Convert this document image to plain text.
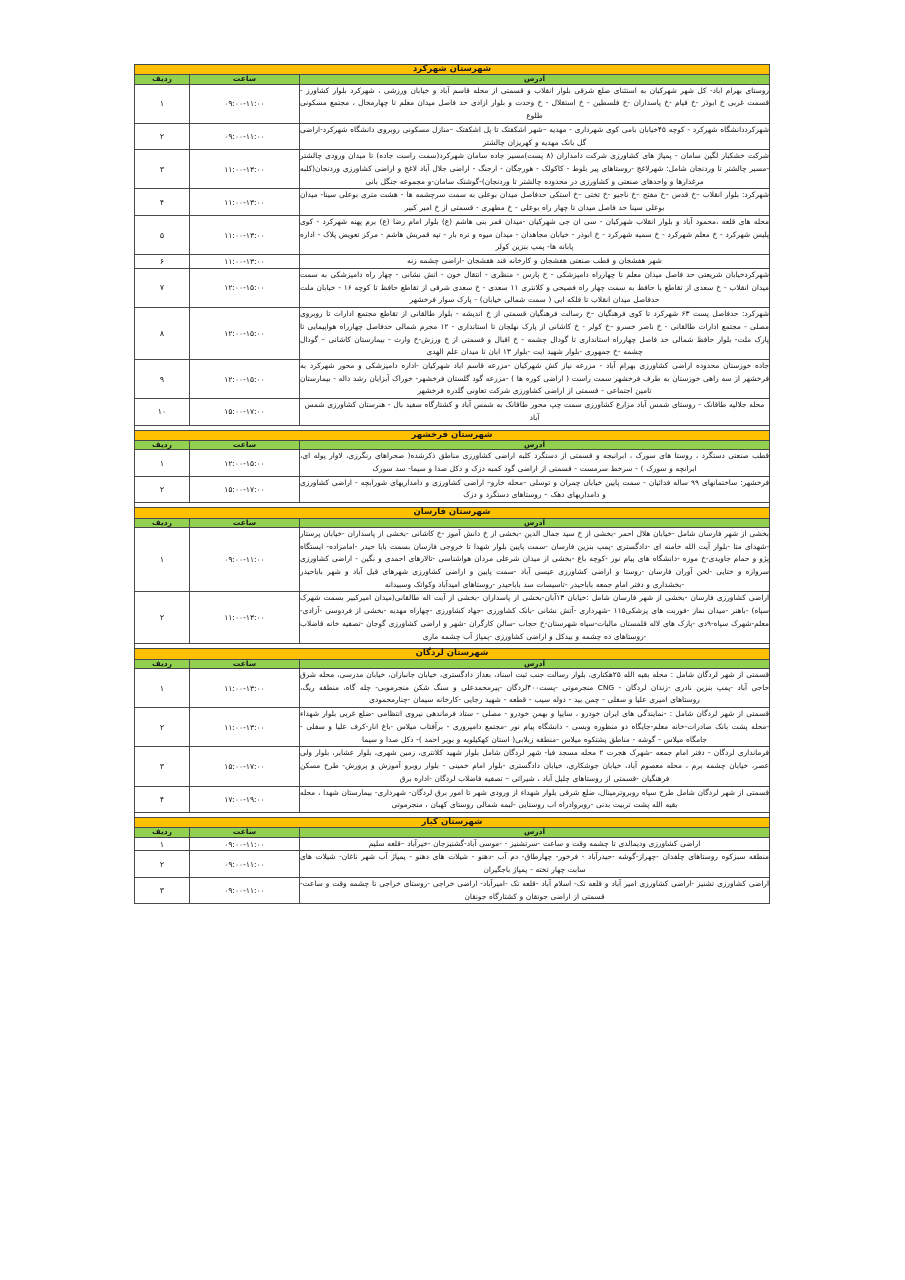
شهرستان شهرکرد		
آدرس	ساعت	ردیف
روستای بهرام اباد- کل شهر شهرکیان به استثنای ضلع شرقی بلوار انقلاب و قسمتی از محله قاسم آباد و خیابان ورزشی ، شهرکرد بلوار کشاورز - قسمت غربی خ ابوذر -خ قیام -خ پاسداران -خ فلسطین - خ استقلال - خ وحدت و بلوار ازادی حد فاصل میدان معلم تا چهارمحال ، مجتمع مسکونی طلوع	۰۹:۰۰-۱۱:۰۰	۱
شهرکرددانشگاه شهرکرد - کوچه ۴۵خیابان بامی کوی شهرداری - مهدیه –شهر اشکفتک تا پل اشکفتک –منازل مسکونی روبروی دانشگاه شهرکرد-اراضی گل بانک مهدیه و کهریزان چالشتر	۰۹:۰۰-۱۱:۰۰	۲
شرکت خشکبار لگین سامان - پمپاژ های کشاورزی شرکت دامداران (۸ پست)مسیر جاده سامان شهرکرد(سمت راست جاده) تا میدان ورودی چالشتر -مسیر چالشتر تا وردنجان شامل: شهرلاغج -روستاهای پیر بلوط - کاکولک - هورجگان - ارجنگ - اراضی جلال آباد لاغج و اراضی کشاورزی وردنجان(کلبه مرغدارها و واحدهای صنعتی و کشاورزی در محدوده چالشتر تا وردنجان)-گوشتک سامان-و مجموعه جنگل بانی	۱۱:۰۰-۱۳:۰۰	۳
شهرکرد: بلوار انقلاب –خ قدس –خ مفتح –خ ناجیو -خ تختی –خ استکی حدفاصل میدان بوعلی به سمت سرچشمه ها - هشت متری بوعلی سینا- میدان بوعلی سینا حد فاصل میدان تا چهار راه بوعلی - خ مطهری - قسمتی از خ امیر کبیر	۱۱:۰۰-۱۳:۰۰	۴
محله های قلعه ،محمود آباد و بلوار انقلاب شهرکیان - سی ان جی شهرکیان -میدان قمر بنی هاشم (ع) بلوار امام رضا (ع) برم پهنه شهرکرد - کوی پلیس شهرکرد - خ معلم شهرکرد - خ سمیه شهرکرد - خ ابوذر - خیابان مجاهدان - میدان میوه و تره بار - تپه قمریش هاشم - مرکز تعویض پلاک - اداره پابانه ها- پمپ بنزین کولر	۱۱:۰۰-۱۳:۰۰	۵
شهر هفشجان و قطب صنعتی هفشجان و کارخانه قند هفشجان -اراضی چشمه زنه	۱۱:۰۰-۱۳:۰۰	۶
شهرکردخیابان شریعتی حد فاصل میدان معلم تا چهارراه دامپزشکی - خ پارس - منظری - انتقال خون - اتش نشانی - چهار راه دامپزشکی به سمت میدان انقلاب - خ سعدی از تقاطع با حافظ به سمت چهار راه فصیحی و کلانتری ۱۱ سعدی - خ سعدی شرقی از تقاطع حافظ تا کوچه ۱۶ - خیابان ملت حدفاصل میدان انقلاب تا فلکه ابی ( سمت شمالی خیابان) - پارک سوار فرخشهر	۱۲:۰۰-۱۵:۰۰	۷
شهرکرد: حدفاصل پست ۶۳ شهرکرد تا کوی فرهنگیان –خ رسالت فرهنگیان قسمتی از خ اندیشه - بلوار طالقانی از تقاطع مجتمع ادارات تا روبروی مصلی - مجتمع ادارات طالقانی - خ ناصر خسرو –خ کولر - خ کاشانی از پارک نهلجان تا استانداری - ۱۲ محرم شمالی حدفاصل چهارراه هواپیمایی تا پارک ملت- بلوار حافظ شمالی حد فاصل چهارراه استانداری تا گودال چشمه - خ اقبال و قسمتی از خ ورزش-خ وارث - بیمارستان کاشانی – گودال چشمه -خ جمهوری -بلوار شهید ایت -بلوار ۱۳ ابان تا میدان علم الهدی	۱۲:۰۰-۱۵:۰۰	۸
جاده خوزستان محدوده اراضی کشاورزی بهرام آباد - مزرعه نیاز کش شهرکیان -مزرعه قاسم اباد شهرکیان -اداره دامپزشکی و محور شهرکرد به فرخشهر از سه راهی خوزستان به طرف فرخشهر سمت راست ( اراضی کوره ها ) -مزرعه گود گلستان فرخشهر- خوراک آبزایان رشد داله - بیمارستان تامین اجتماعی - قسمتی از اراضی کشاورزی شرکت تعاونی گلدره فرخشهر	۱۲:۰۰-۱۵:۰۰	۹
محله جلالیه طاقانک - روستای شمس آباد مزارع کشاورزی سمت چپ محور طاقانک به شمس آباد و کشتارگاه سفید بال - هنرستان کشاورزی شمس آباد	۱۵:۰۰-۱۷:۰۰	۱۰

شهرستان فرخشهر		
آدرس	ساعت	ردیف
قطب صنعتی دستگرد ، روستا های سورک ، ابرانبجه و قسمتی از دستگرد کلبه اراضی کشاورزی مناطق ذکرشده( صحراهای رنگرزی، لاوار پوله ای، ابرانچه و سورک ) - سرخط سرمست - قسمتی از اراضی گود کمبه دزک و دکل صدا و سیما- سد سورک	۱۲:۰۰-۱۵:۰۰	۱
فرخشهر: ساختمانهای ۹۹ ساله فدائیان - سمت پایین خیابان چمران و توسلی –محله خارو– اراضی کشاورزی و دامداریهای شورابچه - اراضی کشاورزی و دامداریهای دهک – روستاهای دستگرد و دزک	۱۵:۰۰-۱۷:۰۰	۲

شهرستان فارسان		
آدرس	ساعت	ردیف
بخشی از شهر فارسان شامل -خیابان هلال احمر -بخشی از خ سید جمال الدین -بخشی از خ دانش آموز -خ کاشانی -بخشی از پاسداران -خیابان پرستار -شهدای متا -بلوار آیت الله خامنه ای -دادگستری -پمپ بنزین فارسان -سمت پایین بلوار شهدا تا خروجی فارسان بسمت بابا حیدر -امامزاده- ایستگاه پژو و حمام جاویدی-خ موزه -دانشگاه های پیام نور -کوچه باغ -بخشی از میدان شرعلی مردان هواشناسی -تالارهای احمدی و نگین - اراضی کشاورزی سروازه و ختایی -لحن آوران فارسان -روستا و اراضی کشاورزی عیسی آباد -سمت پایین و اراضی کشاورزی شهرهای قبل آباد و شهر باباحیدر -بخشداری و دفتر امام جمعه باباحیدر -تاسیسات سد باباحیدر -روستاهای امیدآباد وکواتک وسبیدانه	۰۹:۰۰-۱۱:۰۰	۱
اراضی کشاورزی فارسان -بخشی از شهر فارسان شامل :خیابان ۱۳آبان-بخشی از پاسداران -بخشی از آبت اله طالقانی(میدان امیرکبیر بسمت شهرک سپاه) -باهنر -میدان نماز -فوربت های پزشکی۱۱۵ -شهرداری -آتش نشانی -بانک کشاورزی -جهاد کشاورزی -چهاراه مهدیه -بخشی از فردوسی -آزادی-معلم-شهرک سپاه-۹دی -پارک های لاله قلمستان مالیات-سپاه شهرستان-خ حجاب -سالن کارگران -شهر و اراضی کشاورزی گوجان -تصفیه خانه قاضلاب -روستاهای ده چشمه و بیدکل و اراضی کشاورزی -پمپاژ آب چشمه ماری	۱۱:۰۰-۱۳:۰۰	۲

شهرستان لردگان		
آدرس	ساعت	ردیف
قسمتی از شهر لردگان شامل : محله بقیه الله ۲۵هکتاری، بلوار رسالت جنب ثبت اسناد، بعداز دادگستری، خیابان جانبازان، خیابان مدرسی، محله شرق حاجی آباد -پمپ بنزین نادری -زندان لردگان - CNG منجرموتی -پست۴۰۰لردگان -پیرمحمدعلی و سنگ شکن منجرموبی- چله گاه، منطقه ریگ، روستاهای امیری علیا و سفلی - چمن بید - دوله سیب - قطعه - شهید رجایی -کارخانه سیمان -چنارمحمودی	۱۱:۰۰-۱۳:۰۰	۱
قسمتی از شهر لردگان شامل : -نمایندگی های ایران خودرو ، سایپا و بهمن خودرو - مصلی - ستاد فرماندهی نیروی انتظامی -ضلع غربی بلوار شهداء -محله پشت بانک صادرات-خانه معلم-جایگاه دو منظوره وبسی - دانشگاه پیام نور -مجتمع دامپروری - برآفتاب میلاس -باغ انار-کرف علیا و سفلی - جامگاه میلاس - گوشه - مناطق پشتکوه میلاس -منطقه زبلابی( استان کهکیلویه و بویر احمد )- دکل صدا و سیما	۱۱:۰۰-۱۳:۰۰	۲
فرمانداری لردگان - دفتر امام جمعه -شهرک هجرت ۲ محله مسجد فبا- شهر لردگان شامل بلوار شهید کلانتری، زمین شهری، بلوار عشایر، بلوار ولی عصر، خیابان چشمه برم ، محله معصوم آباد، خیابان جوشکاری، خیابان دادگستری -بلوار امام خمینی - بلوار روبرو آموزش و پرورش- طرح مسکن فرهنگیان -قسمتی از روستاهای چلیل آباد ، شیراثی – تصفیه فاضلاب لردگان -اداره برق	۱۵:۰۰-۱۷:۰۰	۳
قسمتی از شهر لردگان شامل طرح سپاه روبروترمینال، ضلع شرقی بلوار شهداء از ورودی شهر تا امور برق لردگان- شهرداری- بیمارستان شهدا ، محله بقیه الله پشت تربیت بدنی -روبروادراه اب روستایی -لبمه شمالی روستای کهبان ، منجرموتی	۱۷:۰۰-۱۹:۰۰	۴

شهرستان کیار		
آدرس	ساعت	ردیف
اراضی کشاورزی ودیمالدی تا چشمه وقت و ساعت -سرتشنیز - -موسی آباد-گشنیزجان -خیرآباد –قلعه سلیم	۰۹:۰۰-۱۱:۰۰	۱
منطقه سبزکوه روستاهای چلفدان -چهراز-گوشه -حیدرآباد - فرخور- چهارطاق- دم آب -دهنو - شیلات های دهنو - پمپاژ آب شهر ناغان- شیلات های سابت چهار تخته - پمپاژ باجگیران	۰۹:۰۰-۱۱:۰۰	۲
اراضی کشاورزی تشنیز -اراضی کشاورزی امیر آباد و قلعه تک- اسلام آباد -قلعه تک -امیرآباد- اراضی خراجی -روستای خراجی تا چشمه وقت و ساعت- قسمتی از اراضی جونقان و کشتارگاه جونقان	۰۹:۰۰-۱۱:۰۰	۳
